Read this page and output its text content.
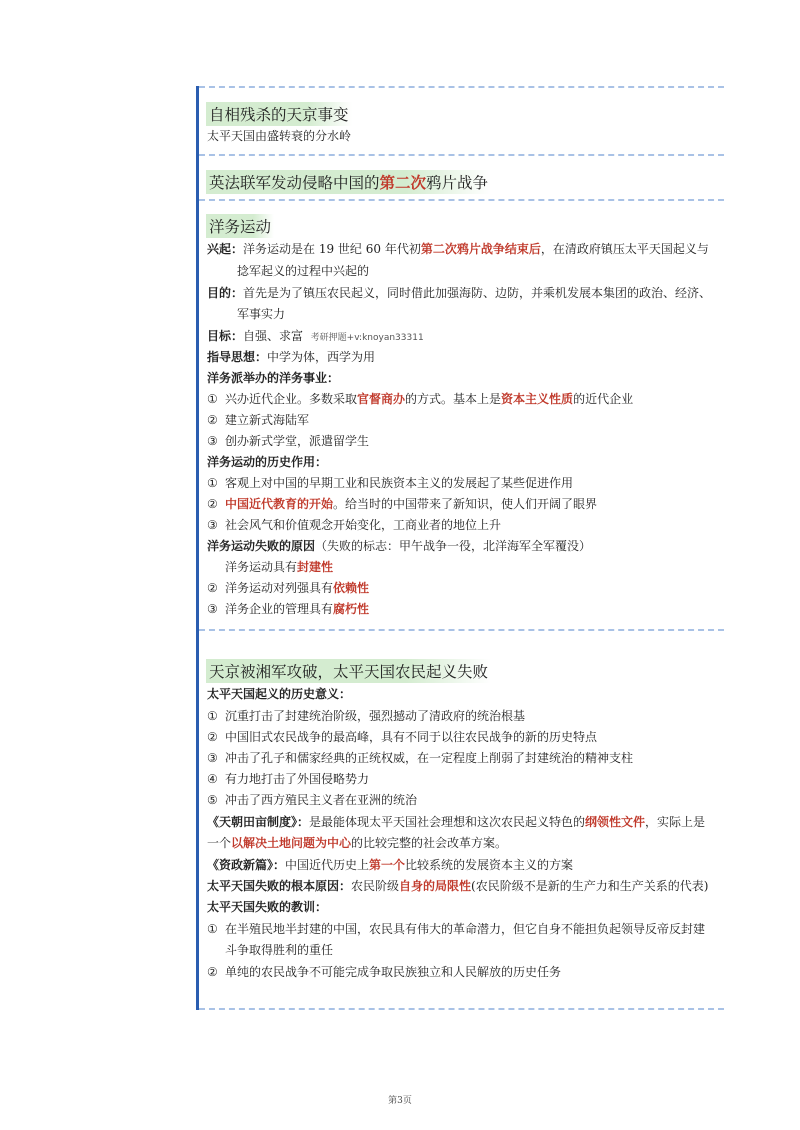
自相残杀的天京事变
太平天国由盛转衰的分水岭
英法联军发动侵略中国的第二次鸦片战争
洋务运动
兴起：洋务运动是在 19 世纪 60 年代初第二次鸦片战争结束后，在清政府镇压太平天国起义与
捻军起义的过程中兴起的
目的：首先是为了镇压农民起义，同时借此加强海防、边防，并乘机发展本集团的政治、经济、
军事实力
目标：自强、求富 考研押题+v:knoyan33311
指导思想：中学为体，西学为用
洋务派举办的洋务事业：
① 兴办近代企业。多数采取官督商办的方式。基本上是资本主义性质的近代企业
② 建立新式海陆军
③ 创办新式学堂，派遣留学生
洋务运动的历史作用：
① 客观上对中国的早期工业和民族资本主义的发展起了某些促进作用
② 中国近代教育的开始。给当时的中国带来了新知识，使人们开阔了眼界
③ 社会风气和价值观念开始变化，工商业者的地位上升
洋务运动失败的原因（失败的标志：甲午战争一役，北洋海军全军覆没）
洋务运动具有封建性
② 洋务运动对列强具有依赖性
③ 洋务企业的管理具有腐朽性
天京被湘军攻破，太平天国农民起义失败
太平天国起义的历史意义：
① 沉重打击了封建统治阶级，强烈撼动了清政府的统治根基
② 中国旧式农民战争的最高峰，具有不同于以往农民战争的新的历史特点
③ 冲击了孔子和儒家经典的正统权威，在一定程度上削弱了封建统治的精神支柱
④ 有力地打击了外国侵略势力
⑤ 冲击了西方殖民主义者在亚洲的统治
《天朝田亩制度》：是最能体现太平天国社会理想和这次农民起义特色的纲领性文件，实际上是
一个以解决土地问题为中心的比较完整的社会改革方案。
《资政新篇》：中国近代历史上第一个比较系统的发展资本主义的方案
太平天国失败的根本原因：农民阶级自身的局限性(农民阶级不是新的生产力和生产关系的代表)
太平天国失败的教训：
① 在半殖民地半封建的中国，农民具有伟大的革命潜力，但它自身不能担负起领导反帝反封建
斗争取得胜利的重任
② 单纯的农民战争不可能完成争取民族独立和人民解放的历史任务
第3页
